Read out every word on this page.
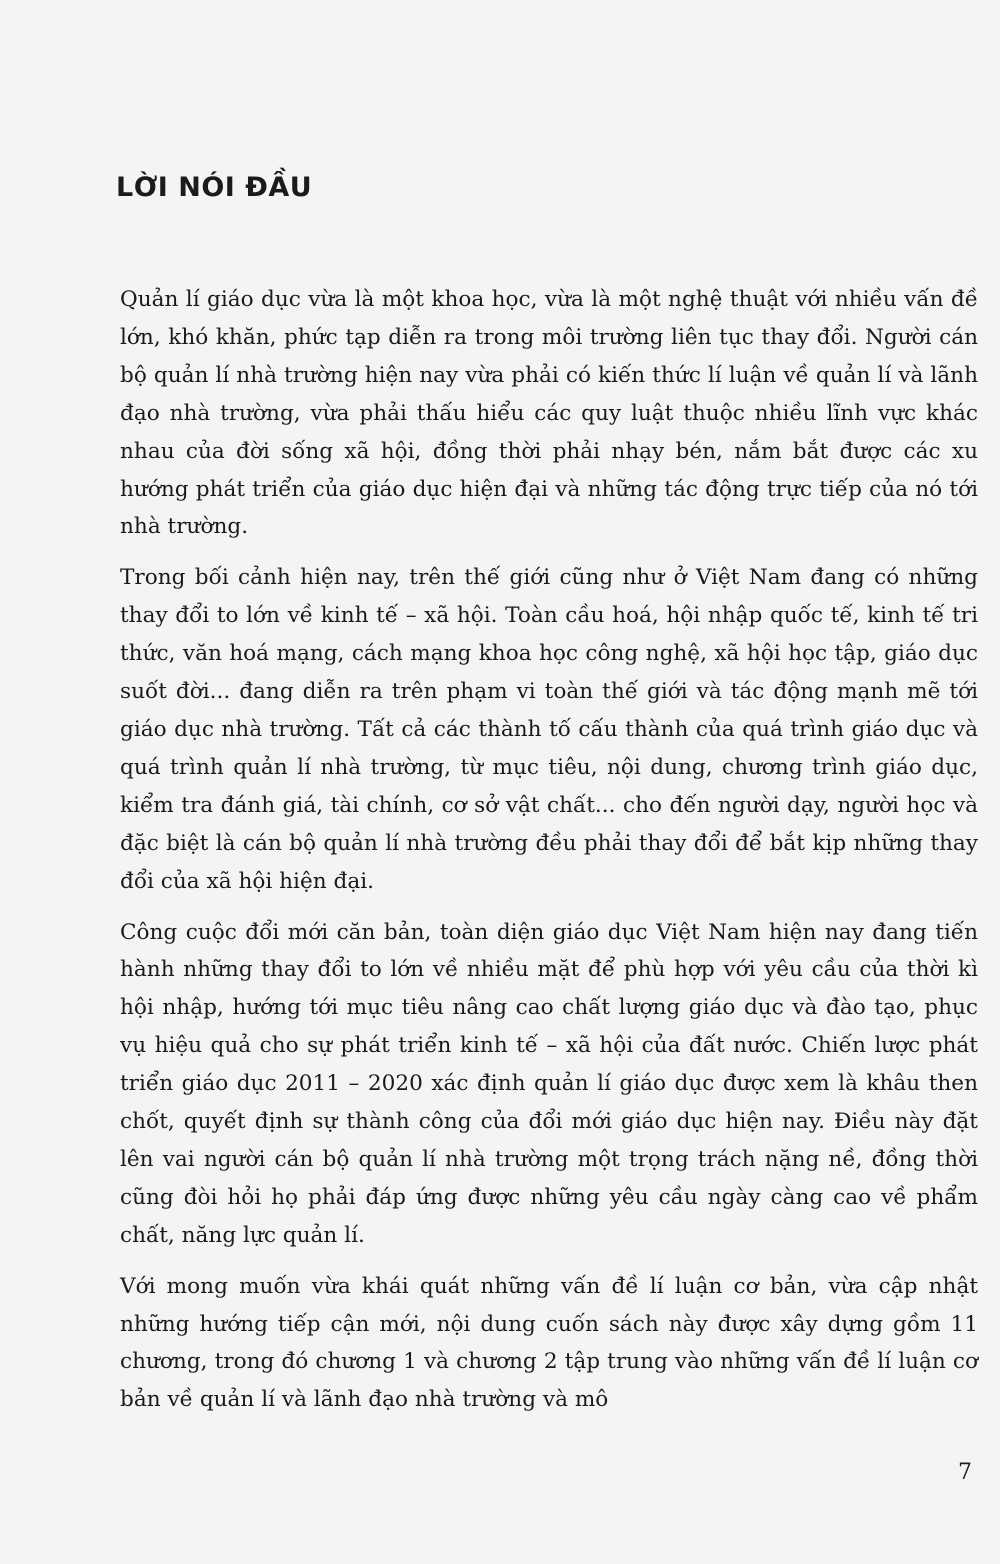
LỜI NÓI ĐẦU

Quản lí giáo dục vừa là một khoa học, vừa là một nghệ thuật với nhiều vấn đề lớn, khó khăn, phức tạp diễn ra trong môi trường liên tục thay đổi. Người cán bộ quản lí nhà trường hiện nay vừa phải có kiến thức lí luận về quản lí và lãnh đạo nhà trường, vừa phải thấu hiểu các quy luật thuộc nhiều lĩnh vực khác nhau của đời sống xã hội, đồng thời phải nhạy bén, nắm bắt được các xu hướng phát triển của giáo dục hiện đại và những tác động trực tiếp của nó tới nhà trường.

Trong bối cảnh hiện nay, trên thế giới cũng như ở Việt Nam đang có những thay đổi to lớn về kinh tế – xã hội. Toàn cầu hoá, hội nhập quốc tế, kinh tế tri thức, văn hoá mạng, cách mạng khoa học công nghệ, xã hội học tập, giáo dục suốt đời... đang diễn ra trên phạm vi toàn thế giới và tác động mạnh mẽ tới giáo dục nhà trường. Tất cả các thành tố cấu thành của quá trình giáo dục và quá trình quản lí nhà trường, từ mục tiêu, nội dung, chương trình giáo dục, kiểm tra đánh giá, tài chính, cơ sở vật chất... cho đến người dạy, người học và đặc biệt là cán bộ quản lí nhà trường đều phải thay đổi để bắt kịp những thay đổi của xã hội hiện đại.

Công cuộc đổi mới căn bản, toàn diện giáo dục Việt Nam hiện nay đang tiến hành những thay đổi to lớn về nhiều mặt để phù hợp với yêu cầu của thời kì hội nhập, hướng tới mục tiêu nâng cao chất lượng giáo dục và đào tạo, phục vụ hiệu quả cho sự phát triển kinh tế – xã hội của đất nước. Chiến lược phát triển giáo dục 2011 – 2020 xác định quản lí giáo dục được xem là khâu then chốt, quyết định sự thành công của đổi mới giáo dục hiện nay. Điều này đặt lên vai người cán bộ quản lí nhà trường một trọng trách nặng nề, đồng thời cũng đòi hỏi họ phải đáp ứng được những yêu cầu ngày càng cao về phẩm chất, năng lực quản lí.

Với mong muốn vừa khái quát những vấn đề lí luận cơ bản, vừa cập nhật những hướng tiếp cận mới, nội dung cuốn sách này được xây dựng gồm 11 chương, trong đó chương 1 và chương 2 tập trung vào những vấn đề lí luận cơ bản về quản lí và lãnh đạo nhà trường và mô

7
